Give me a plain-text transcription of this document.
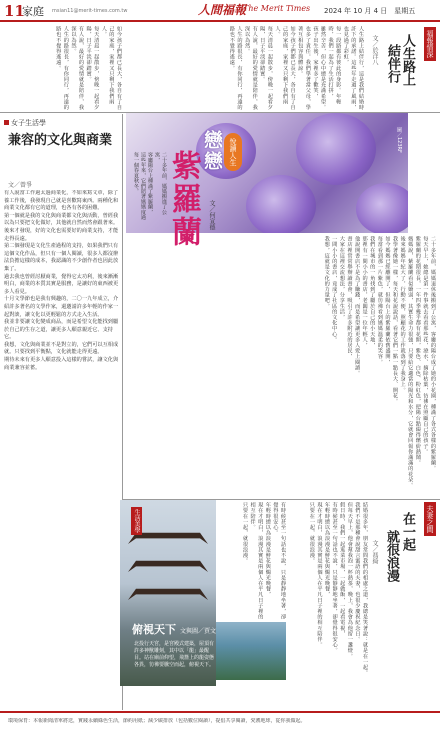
11
家庭 msian11@merit-times.com.tw	人間福報
The Merit Times 2024 年 10 月 4 日　星期五
福報情深
人生路上
結伴行
文／於洋八

人生路上結伴行，這是我們結婚時許下的承諾。這些年走過了風雨，也見過了彩虹，

每一段路都有彼此的身影。年輕時，我們一起為了生活打拼，

雖然辛苦，但心中總是充滿希望。孩子出生後，家裡多了歡笑，

也多了責任。我們學著當父母，學著互相包容與體諒。

如今孩子們都已長大，各自有了自己的家庭，家裡又只剩下我們兩人。

每天清晨一起散步，傍晚一起看夕陽，日子平淡卻踏實。

有人說，最好的愛情就是陪伴，我深以為然。

人生的路很長，有你同行，再遠的路也不覺得遙遠。

如今孩子們都已長大，各自有了自己的家庭，家裡又只剩下我們兩人。

每天清晨一起散步，傍晚一起看夕陽，日子平淡卻踏實。

有人說，最好的愛情就是陪伴，我深以為然。

人生的路很長，有你同行，再遠的路也不覺得遙遠。

圖／123RF
悅讀人生
戀戀
紫羅蘭	文／何宣德

二十多年前，媽媽搬進了公寓，

客廳陽台上種滿了紫羅蘭，

這些年來，它們陪著媽媽度過每一個春夏秋冬。

二十多年前，媽媽退休後搬到了公寓，客廳的陽台成了她的小花園，種滿了各式各樣的紫羅蘭。

每天早上，她總是第一件事就去看看那些花，澆水、摘除枯葉，彷彿在照顧自己的孩子。

紫羅蘭的花期很長，一年四季幾乎都有花開，紫色、白色、粉紅色，把陽台點綴得繽紛熱鬧。

媽媽說，紫羅蘭看似嬌弱，其實生命力很強，只要給它適當的陽光和水分，它就會回報你滿滿的花朵。

後來媽媽年紀大了，行動不便，照顧花的工作就落到了我身上。

我學著像她一樣，每天和花說說話，看著它們一點一點長大、開花。

如今媽媽已經離開了，但陽台上的紫羅蘭依舊盛開，

每當看到那一片紫色，就彷彿看到媽媽溫柔的笑容。

我們在城市的一角找到了屬於自己的小天地，

那裡有一間小小的書店，老闆是一位年輕人，

他說開書店不是為了賺錢，而是希望讓更多人愛上閱讀。

書店裡常常舉辦讀書會，吸引了許多附近的居民，

大家在這裡交流想法，分享生活，

一間小小的書店，竟成了社區的文化中心。

我想，這就是文化的力量吧。

女子生活學
兼容的文化與商業
文／曾爭

有人說當工作過太過商業化，不如來寫文章，除了養工作後，我發現自己就是喜歡寫東西。兩種化和商業文化都有它的道理，也各有各的困難。

第一個就是我的文化與商業都文化與活動，曾經我以為只要把文化做好，其他就自然而然會跟著來。後來才發現，好的文化也需要好的商業支持，才能走得長遠。

第二個發現是文化生產過程的支持，如果我們只有這個文化作品，但只有一個人閱讀，很多人都沒辦法負擔這樣的成本，我認識的不少創作者也因此放棄了。

過去我也曾經討厭商業，覺得它太功利，後來漸漸明白，商業的本質其實是服務，是讓好的東西被更多人看見。

十月文學節也是我有興趣的，二〇一九年成立，介紹許多著名的文學作家，還邀請許多年輕的作家一起對談，讓文化以更輕鬆的方式走入生活。

我並非要讓文化變成商品，而是希望文化能找到屬於自己的生存之道，讓更多人願意親近它、支持它。

我想，文化與商業並不是對立的，它們可以互相成就。只要找到平衡點，文化就能走得更遠。

期待未來有更多人願意投入這樣的嘗試，讓文化與商業兼容並蓄。

夫妻之間
在一起
就很浪漫
文／馮綺

結婚很多年，朋友常問我們的相處之道，我總是笑著說：就是在一起。

我們不是那種會說甜言蜜語的夫妻，也很少慶祝紀念日。

但每天早上，他會幫我泡一杯熱茶，晚上，我會為他留一盞燈。

假日時，我們一起逛菜市場，一起做飯，一起看電視，

有時候甚至一句話也不說，只是靜靜地坐著，卻覺得很安心。

年輕時總以為浪漫是鮮花與燭光晚餐，

現在才明白，浪漫其實是兩個人在平凡日子裡的相互陪伴。

只要在一起，就很浪漫。

有時候甚至一句話也不說，只是靜靜地坐著，卻覺得很安心。

年輕時總以為浪漫是鮮花與燭光晚餐，

現在才明白，浪漫其實是兩個人在平凡日子裡的相互陪伴。

只要在一起，就很浪漫。

生活美學
俯視天下 文與圖／賈文
北投行天宮，是宮殿式建築，屋頂有許多神獸雕刻，其中以「龍」最醒目。站在廟前仰望，飛簷上的龍姿態各異，彷彿要騰空而起，俯視天下。
環境保育：本報新聞清單將送，實踐永續綠色生活，節約用紙；減少碳排放（包括數位閱讀），提倡共享閱讀，愛護地球，從你我做起。
